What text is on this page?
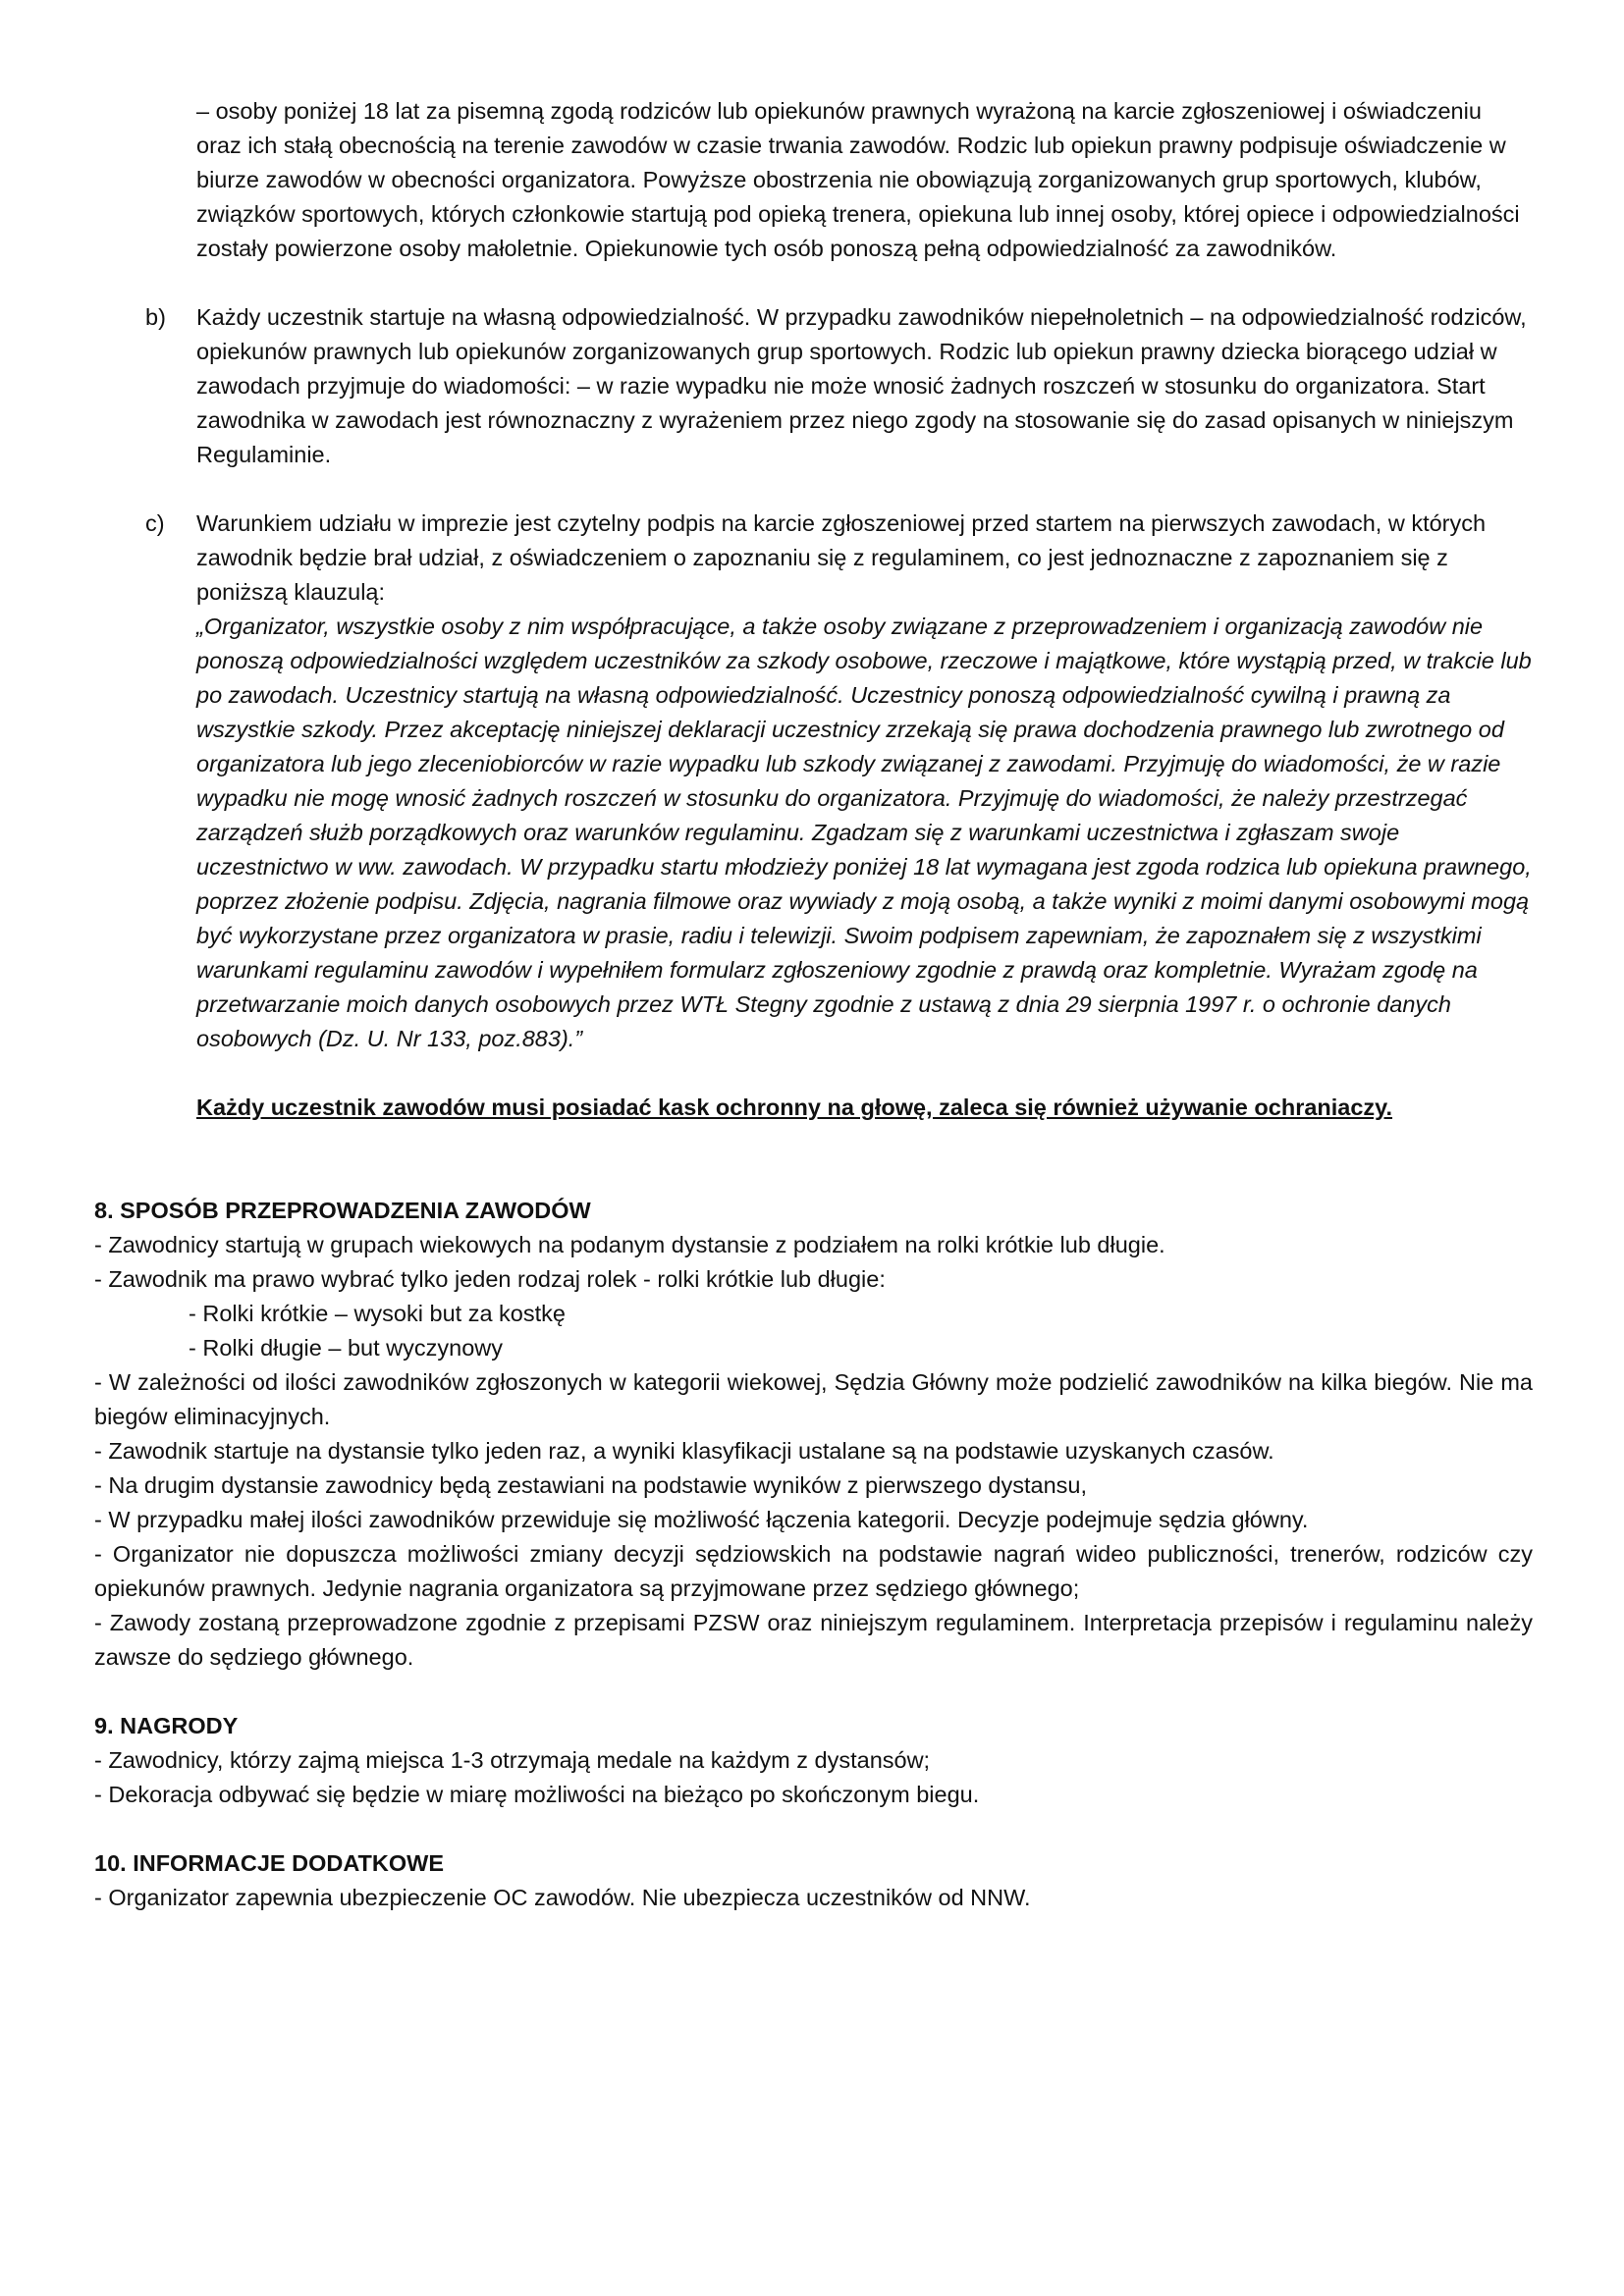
– osoby poniżej 18 lat za pisemną zgodą rodziców lub opiekunów prawnych wyrażoną na karcie zgłoszeniowej i oświadczeniu oraz ich stałą obecnością na terenie zawodów w czasie trwania zawodów. Rodzic lub opiekun prawny podpisuje oświadczenie w biurze zawodów w obecności organizatora. Powyższe obostrzenia nie obowiązują zorganizowanych grup sportowych, klubów, związków sportowych, których członkowie startują pod opieką trenera, opiekuna lub innej osoby, której opiece i odpowiedzialności zostały powierzone osoby małoletnie. Opiekunowie tych osób ponoszą pełną odpowiedzialność za zawodników.

b)	Każdy uczestnik startuje na własną odpowiedzialność. W przypadku zawodników niepełnoletnich – na odpowiedzialność rodziców, opiekunów prawnych lub opiekunów zorganizowanych grup sportowych. Rodzic lub opiekun prawny dziecka biorącego udział w zawodach przyjmuje do wiadomości: – w razie wypadku nie może wnosić żadnych roszczeń w stosunku do organizatora. Start zawodnika w zawodach jest równoznaczny z wyrażeniem przez niego zgody na stosowanie się do zasad opisanych w niniejszym Regulaminie.

c)	Warunkiem udziału w imprezie jest czytelny podpis na karcie zgłoszeniowej przed startem na pierwszych zawodach, w których zawodnik będzie brał udział, z oświadczeniem o zapoznaniu się z regulaminem, co jest jednoznaczne z zapoznaniem się z poniższą klauzulą:

„Organizator, wszystkie osoby z nim współpracujące, a także osoby związane z przeprowadzeniem i organizacją zawodów nie ponoszą odpowiedzialności względem uczestników za szkody osobowe, rzeczowe i majątkowe, które wystąpią przed, w trakcie lub po zawodach. Uczestnicy startują na własną odpowiedzialność. Uczestnicy ponoszą odpowiedzialność cywilną i prawną za wszystkie szkody. Przez akceptację niniejszej deklaracji uczestnicy zrzekają się prawa dochodzenia prawnego lub zwrotnego od organizatora lub jego zleceniobiorców w razie wypadku lub szkody związanej z zawodami. Przyjmuję do wiadomości, że w razie wypadku nie mogę wnosić żadnych roszczeń w stosunku do organizatora. Przyjmuję do wiadomości, że należy przestrzegać zarządzeń służb porządkowych oraz warunków regulaminu. Zgadzam się z warunkami uczestnictwa i zgłaszam swoje uczestnictwo w ww. zawodach. W przypadku startu młodzieży poniżej 18 lat wymagana jest zgoda rodzica lub opiekuna prawnego, poprzez złożenie podpisu. Zdjęcia, nagrania filmowe oraz wywiady z moją osobą, a także wyniki z moimi danymi osobowymi mogą być wykorzystane przez organizatora w prasie, radiu i telewizji. Swoim podpisem zapewniam, że zapoznałem się z wszystkimi warunkami regulaminu zawodów i wypełniłem formularz zgłoszeniowy zgodnie z prawdą oraz kompletnie. Wyrażam zgodę na przetwarzanie moich danych osobowych przez WTŁ Stegny zgodnie z ustawą z dnia 29 sierpnia 1997 r. o ochronie danych osobowych (Dz. U. Nr 133, poz.883).”

Każdy uczestnik zawodów musi posiadać kask ochronny na głowę, zaleca się również używanie ochraniaczy.

8. SPOSÓB PRZEPROWADZENIA ZAWODÓW

- Zawodnicy startują w grupach wiekowych na podanym dystansie z podziałem na rolki krótkie lub długie.
- Zawodnik ma prawo wybrać tylko jeden rodzaj rolek - rolki krótkie lub długie:
- Rolki krótkie – wysoki but za kostkę
- Rolki długie – but wyczynowy
- W zależności od ilości zawodników zgłoszonych w kategorii wiekowej, Sędzia Główny może podzielić zawodników na kilka biegów. Nie ma biegów eliminacyjnych.
- Zawodnik startuje na dystansie tylko jeden raz, a wyniki klasyfikacji ustalane są na podstawie uzyskanych czasów.
- Na drugim dystansie zawodnicy będą zestawiani na podstawie wyników z pierwszego dystansu,
- W przypadku małej ilości zawodników przewiduje się możliwość łączenia kategorii. Decyzje podejmuje sędzia główny.
- Organizator nie dopuszcza możliwości zmiany decyzji sędziowskich na podstawie nagrań wideo publiczności, trenerów, rodziców czy opiekunów prawnych. Jedynie nagrania organizatora są przyjmowane przez sędziego głównego;
- Zawody zostaną przeprowadzone zgodnie z przepisami PZSW oraz niniejszym regulaminem. Interpretacja przepisów i regulaminu należy zawsze do sędziego głównego.

9. NAGRODY

- Zawodnicy, którzy zajmą miejsca 1-3 otrzymają medale na każdym z dystansów;
- Dekoracja odbywać się będzie w miarę możliwości na bieżąco po skończonym biegu.

10. INFORMACJE DODATKOWE

- Organizator zapewnia ubezpieczenie OC zawodów. Nie ubezpiecza uczestników od NNW.
